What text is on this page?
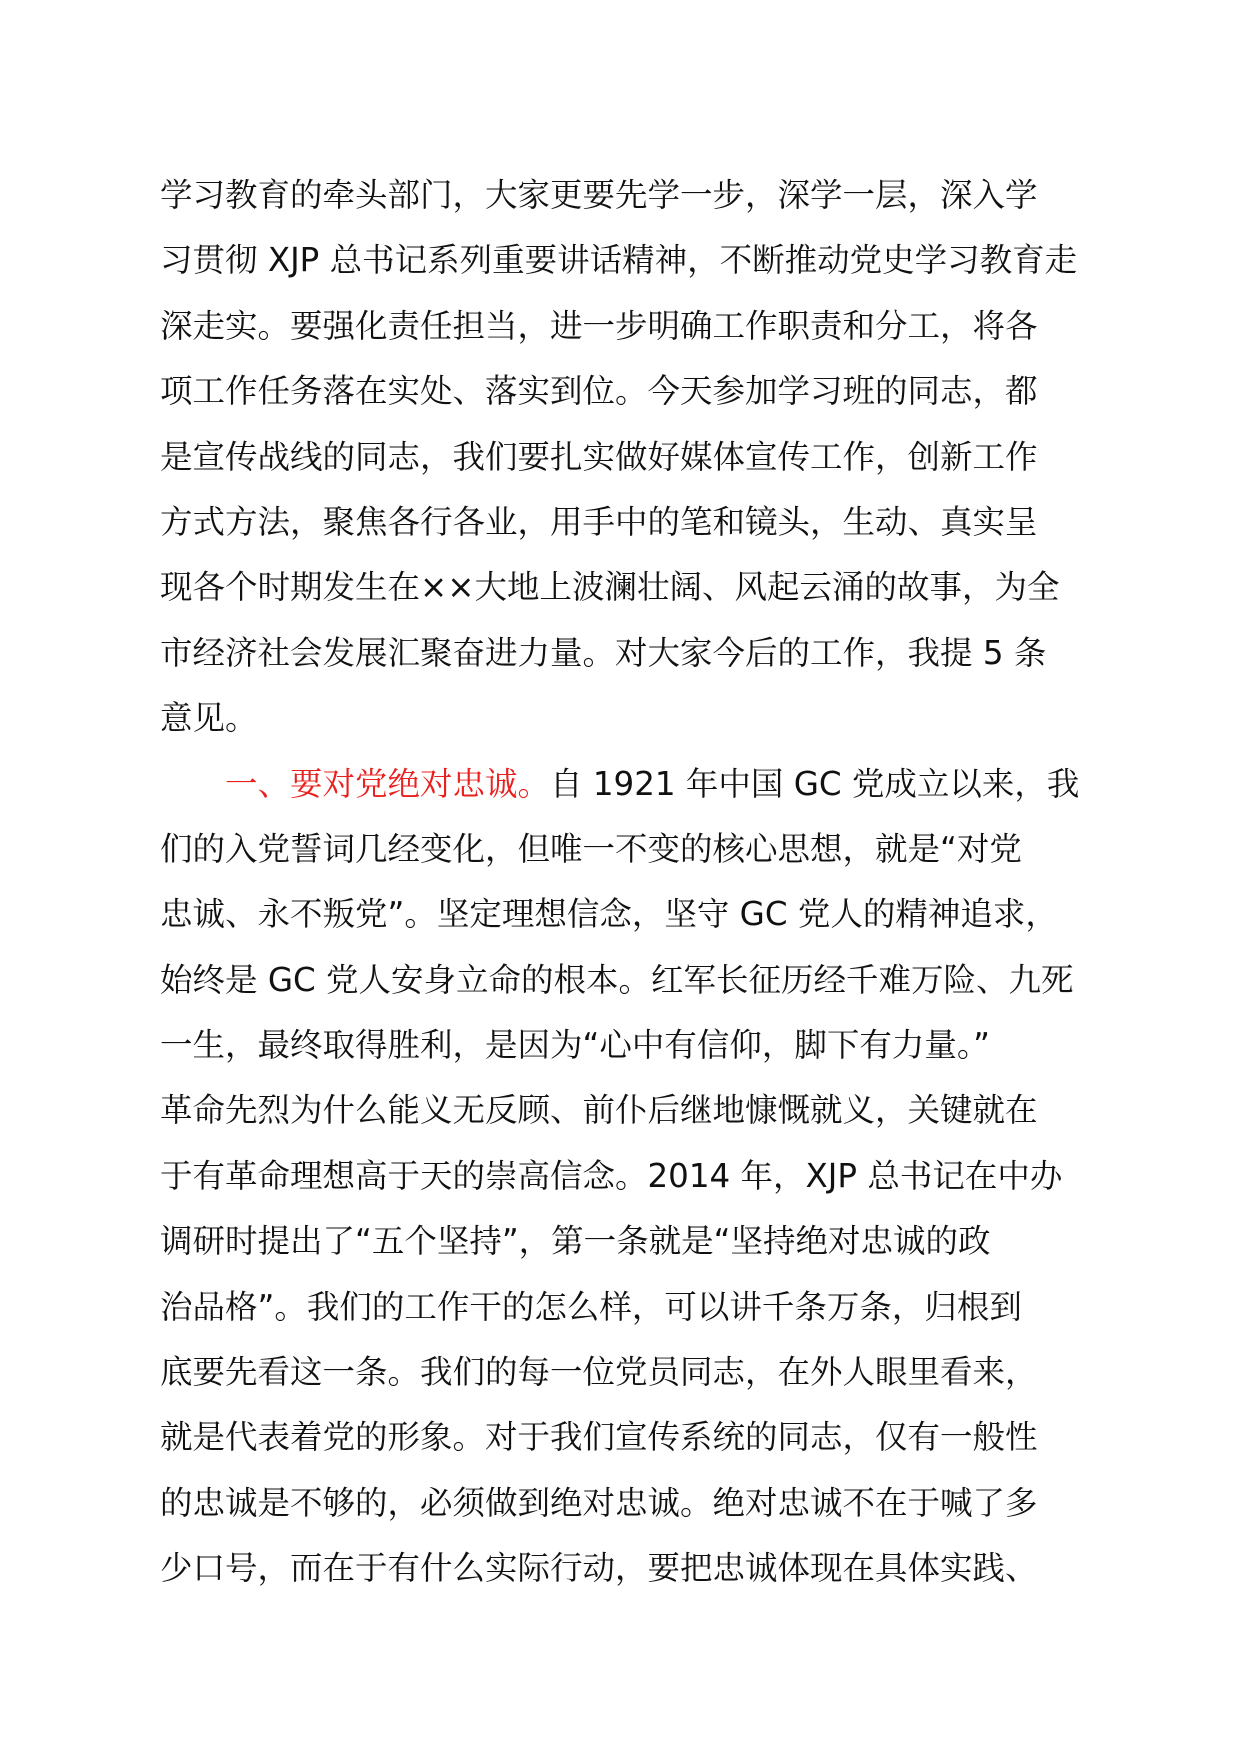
学习教育的牵头部门，大家更要先学一步，深学一层，深入学
习贯彻 XJP 总书记系列重要讲话精神，不断推动党史学习教育走
深走实。要强化责任担当，进一步明确工作职责和分工，将各
项工作任务落在实处、落实到位。今天参加学习班的同志，都
是宣传战线的同志，我们要扎实做好媒体宣传工作，创新工作
方式方法，聚焦各行各业，用手中的笔和镜头，生动、真实呈
现各个时期发生在××大地上波澜壮阔、风起云涌的故事，为全
市经济社会发展汇聚奋进力量。对大家今后的工作，我提 5 条
意见。
一、要对党绝对忠诚。自 1921 年中国 GC 党成立以来，我
们的入党誓词几经变化，但唯一不变的核心思想，就是“对党
忠诚、永不叛党”。坚定理想信念，坚守 GC 党人的精神追求，
始终是 GC 党人安身立命的根本。红军长征历经千难万险、九死
一生，最终取得胜利，是因为“心中有信仰，脚下有力量。”
革命先烈为什么能义无反顾、前仆后继地慷慨就义，关键就在
于有革命理想高于天的崇高信念。2014 年，XJP 总书记在中办
调研时提出了“五个坚持”，第一条就是“坚持绝对忠诚的政
治品格”。我们的工作干的怎么样，可以讲千条万条，归根到
底要先看这一条。我们的每一位党员同志，在外人眼里看来，
就是代表着党的形象。对于我们宣传系统的同志，仅有一般性
的忠诚是不够的，必须做到绝对忠诚。绝对忠诚不在于喊了多
少口号，而在于有什么实际行动，要把忠诚体现在具体实践、
